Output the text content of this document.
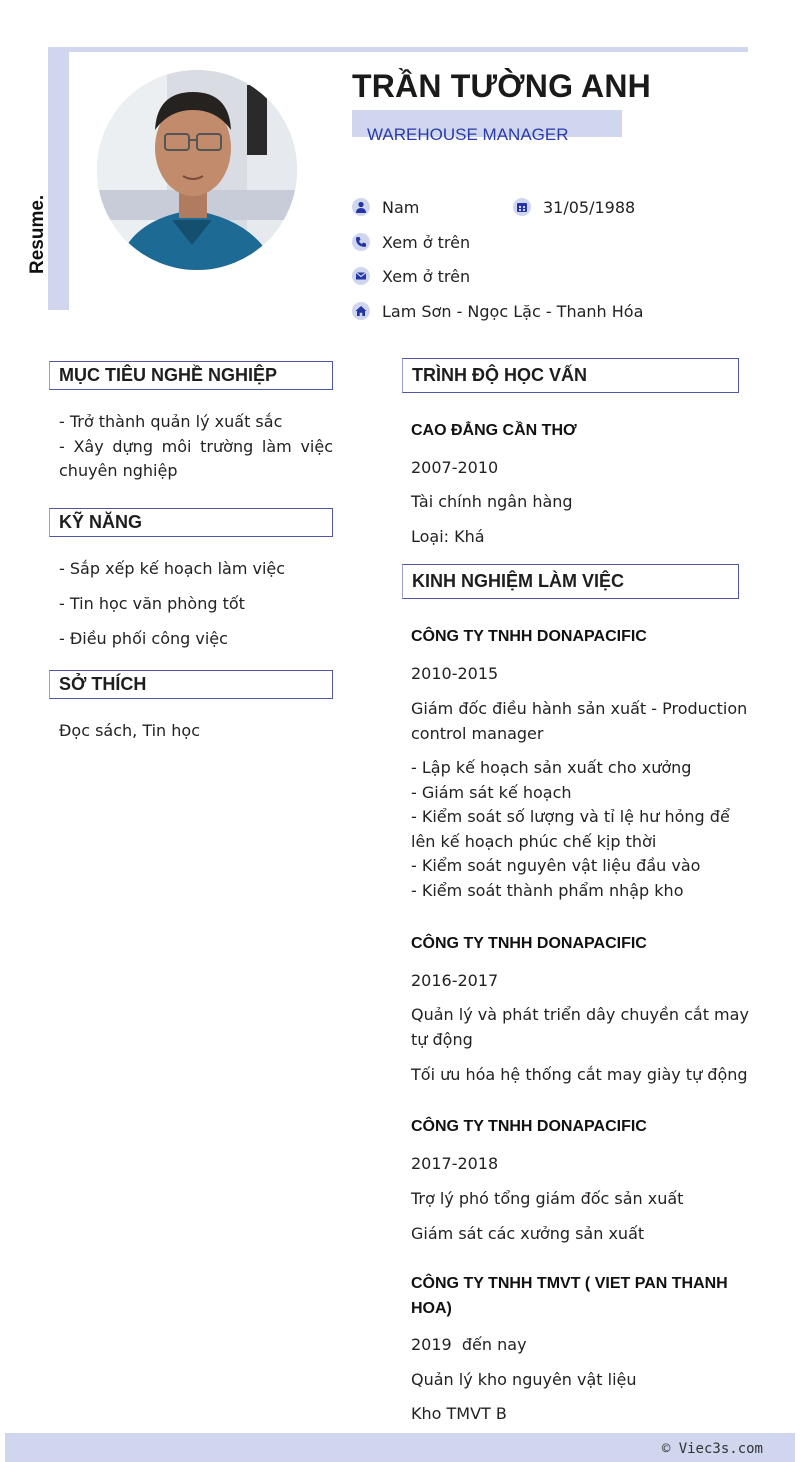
Resume.
TRẦN TƯỜNG ANH
WAREHOUSE MANAGER
Nam	31/05/1988
Xem ở trên
Xem ở trên
Lam Sơn - Ngọc Lặc - Thanh Hóa
MỤC TIÊU NGHỀ NGHIỆP
- Trở thành quản lý xuất sắc
- Xây dựng môi trường làm việc chuyên nghiệp
KỸ NĂNG
- Sắp xếp kế hoạch làm việc
- Tin học văn phòng tốt
- Điều phối công việc
SỞ THÍCH
Đọc sách, Tin học
TRÌNH ĐỘ HỌC VẤN
CAO ĐẲNG CẦN THƠ
2007-2010
Tài chính ngân hàng
Loại: Khá
KINH NGHIỆM LÀM VIỆC
CÔNG TY TNHH DONAPACIFIC
2010-2015
Giám đốc điều hành sản xuất - Production control manager
- Lập kế hoạch sản xuất cho xưởng
- Giám sát kế hoạch
- Kiểm soát số lượng và tỉ lệ hư hỏng để lên kế hoạch phúc chế kịp thời
- Kiểm soát nguyên vật liệu đầu vào
- Kiểm soát thành phẩm nhập kho
CÔNG TY TNHH DONAPACIFIC
2016-2017
Quản lý và phát triển dây chuyền cắt may tự động
Tối ưu hóa hệ thống cắt may giày tự động
CÔNG TY TNHH DONAPACIFIC
2017-2018
Trợ lý phó tổng giám đốc sản xuất
Giám sát các xưởng sản xuất
CÔNG TY TNHH TMVT ( VIET PAN THANH HOA)
2019  đến nay
Quản lý kho nguyên vật liệu
Kho TMVT B
© Viec3s.com
